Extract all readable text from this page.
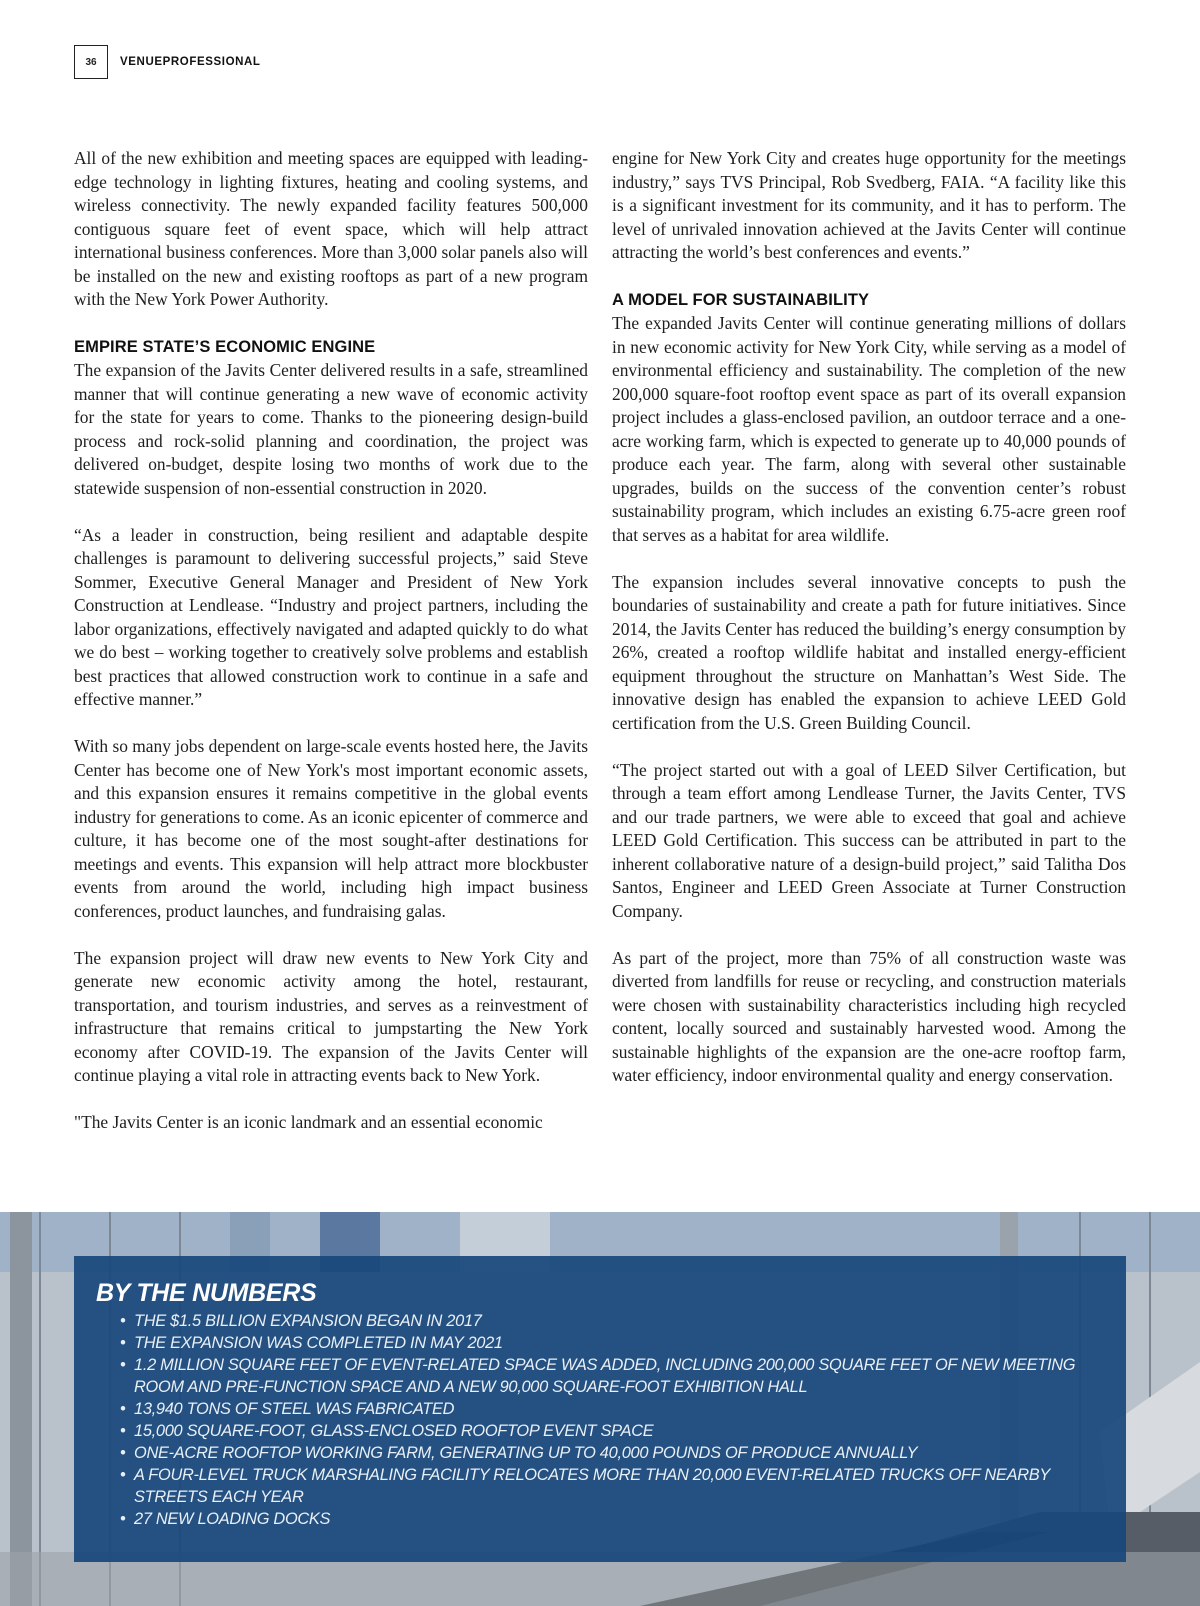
36	VENUEPROFESSIONAL

All of the new exhibition and meeting spaces are equipped with leading-edge technology in lighting fixtures, heating and cooling systems, and wireless connectivity. The newly expanded facility features 500,000 contiguous square feet of event space, which will help attract international business conferences. More than 3,000 solar panels also will be installed on the new and existing rooftops as part of a new program with the New York Power Authority.

EMPIRE STATE’S ECONOMIC ENGINE

The expansion of the Javits Center delivered results in a safe, streamlined manner that will continue generating a new wave of economic activity for the state for years to come. Thanks to the pioneering design-build process and rock-solid planning and coordination, the project was delivered on-budget, despite losing two months of work due to the statewide suspension of non-essential construction in 2020.

“As a leader in construction, being resilient and adaptable despite challenges is paramount to delivering successful projects,” said Steve Sommer, Executive General Manager and President of New York Construction at Lendlease. “Industry and project partners, including the labor organizations, effectively navigated and adapted quickly to do what we do best – working together to creatively solve problems and establish best practices that allowed construction work to continue in a safe and effective manner.”

With so many jobs dependent on large-scale events hosted here, the Javits Center has become one of New York's most important economic assets, and this expansion ensures it remains competitive in the global events industry for generations to come. As an iconic epicenter of commerce and culture, it has become one of the most sought-after destinations for meetings and events. This expansion will help attract more blockbuster events from around the world, including high impact business conferences, product launches, and fundraising galas.

The expansion project will draw new events to New York City and generate new economic activity among the hotel, restaurant, transportation, and tourism industries, and serves as a reinvestment of infrastructure that remains critical to jumpstarting the New York economy after COVID-19. The expansion of the Javits Center will continue playing a vital role in attracting events back to New York.

"The Javits Center is an iconic landmark and an essential economic

engine for New York City and creates huge opportunity for the meetings industry,” says TVS Principal, Rob Svedberg, FAIA. “A facility like this is a significant investment for its community, and it has to perform. The level of unrivaled innovation achieved at the Javits Center will continue attracting the world’s best conferences and events.”

A MODEL FOR SUSTAINABILITY

The expanded Javits Center will continue generating millions of dollars in new economic activity for New York City, while serving as a model of environmental efficiency and sustainability. The completion of the new 200,000 square-foot rooftop event space as part of its overall expansion project includes a glass-enclosed pavilion, an outdoor terrace and a one-acre working farm, which is expected to generate up to 40,000 pounds of produce each year. The farm, along with several other sustainable upgrades, builds on the success of the convention center’s robust sustainability program, which includes an existing 6.75-acre green roof that serves as a habitat for area wildlife.

The expansion includes several innovative concepts to push the boundaries of sustainability and create a path for future initiatives. Since 2014, the Javits Center has reduced the building’s energy consumption by 26%, created a rooftop wildlife habitat and installed energy-efficient equipment throughout the structure on Manhattan’s West Side. The innovative design has enabled the expansion to achieve LEED Gold certification from the U.S. Green Building Council.

“The project started out with a goal of LEED Silver Certification, but through a team effort among Lendlease Turner, the Javits Center, TVS and our trade partners, we were able to exceed that goal and achieve LEED Gold Certification. This success can be attributed in part to the inherent collaborative nature of a design-build project,” said Talitha Dos Santos, Engineer and LEED Green Associate at Turner Construction Company.

As part of the project, more than 75% of all construction waste was diverted from landfills for reuse or recycling, and construction materials were chosen with sustainability characteristics including high recycled content, locally sourced and sustainably harvested wood. Among the sustainable highlights of the expansion are the one-acre rooftop farm, water efficiency, indoor environmental quality and energy conservation.

BY THE NUMBERS
• THE $1.5 BILLION EXPANSION BEGAN IN 2017
• THE EXPANSION WAS COMPLETED IN MAY 2021
• 1.2 MILLION SQUARE FEET OF EVENT-RELATED SPACE WAS ADDED, INCLUDING 200,000 SQUARE FEET OF NEW MEETING ROOM AND PRE-FUNCTION SPACE AND A NEW 90,000 SQUARE-FOOT EXHIBITION HALL
• 13,940 TONS OF STEEL WAS FABRICATED
• 15,000 SQUARE-FOOT, GLASS-ENCLOSED ROOFTOP EVENT SPACE
• ONE-ACRE ROOFTOP WORKING FARM, GENERATING UP TO 40,000 POUNDS OF PRODUCE ANNUALLY
• A FOUR-LEVEL TRUCK MARSHALING FACILITY RELOCATES MORE THAN 20,000 EVENT-RELATED TRUCKS OFF NEARBY STREETS EACH YEAR
• 27 NEW LOADING DOCKS
